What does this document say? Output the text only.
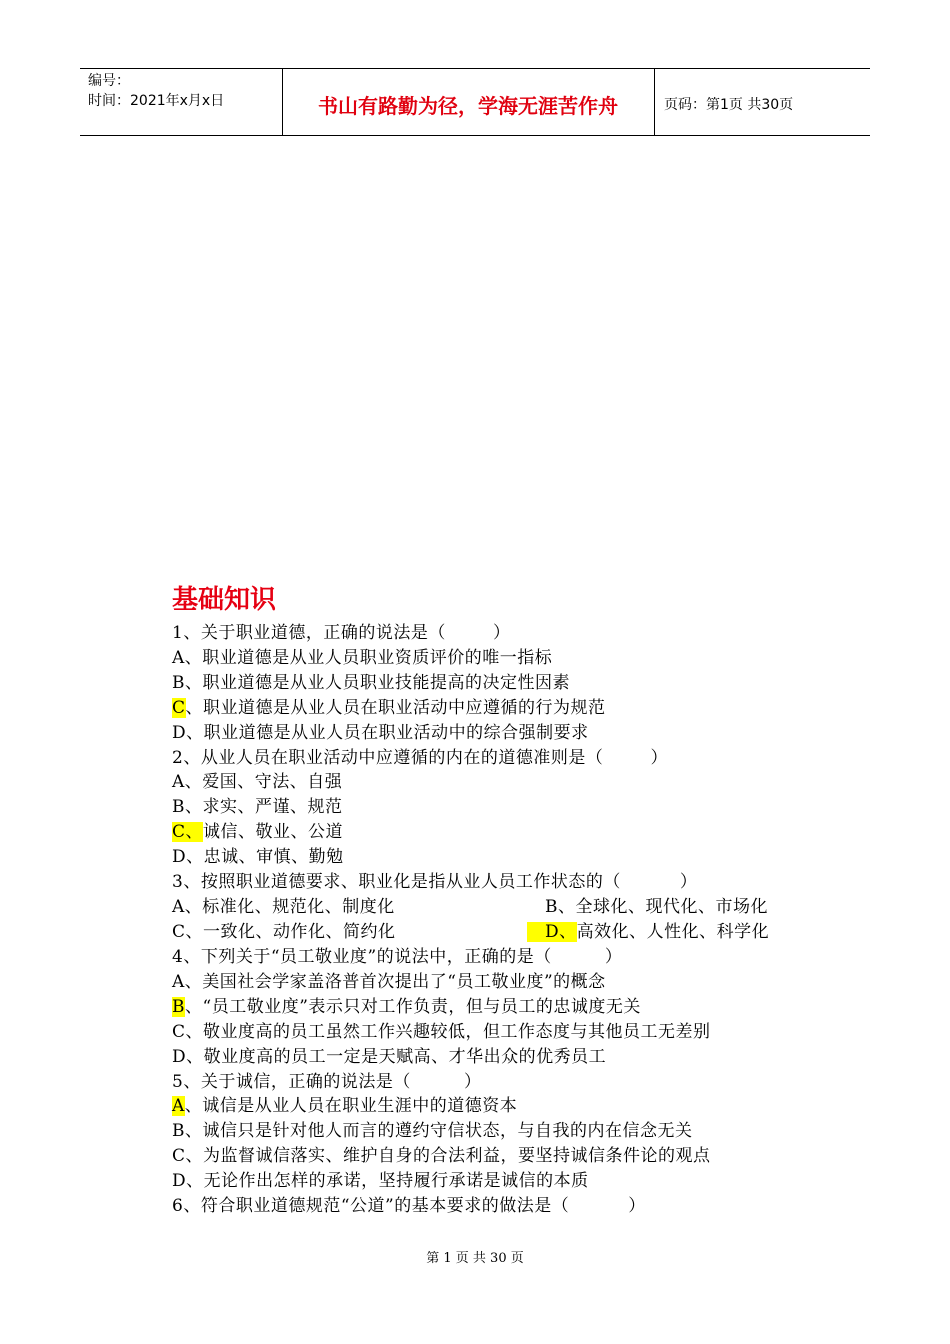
编号：
时间：2021年x月x日	书山有路勤为径，学海无涯苦作舟	页码：第1页 共30页
基础知识
1、关于职业道德，正确的说法是（        ）
A、职业道德是从业人员职业资质评价的唯一指标
B、职业道德是从业人员职业技能提高的决定性因素
C、职业道德是从业人员在职业活动中应遵循的行为规范
D、职业道德是从业人员在职业活动中的综合强制要求
2、从业人员在职业活动中应遵循的内在的道德准则是（        ）
A、爱国、守法、自强
B、求实、严谨、规范
C、诚信、敬业、公道
D、忠诚、审慎、勤勉
3、按照职业道德要求、职业化是指从业人员工作状态的（          ）
A、标准化、规范化、制度化	B、全球化、现代化、市场化
C、一致化、动作化、简约化	D、高效化、人性化、科学化
4、下列关于“员工敬业度”的说法中，正确的是（         ）
A、美国社会学家盖洛普首次提出了“员工敬业度”的概念
B、“员工敬业度”表示只对工作负责，但与员工的忠诚度无关
C、敬业度高的员工虽然工作兴趣较低，但工作态度与其他员工无差别
D、敬业度高的员工一定是天赋高、才华出众的优秀员工
5、关于诚信，正确的说法是（         ）
A、诚信是从业人员在职业生涯中的道德资本
B、诚信只是针对他人而言的遵约守信状态，与自我的内在信念无关
C、为监督诚信落实、维护自身的合法利益，要坚持诚信条件论的观点
D、无论作出怎样的承诺，坚持履行承诺是诚信的本质
6、符合职业道德规范“公道”的基本要求的做法是（          ）
第 1 页 共 30 页
